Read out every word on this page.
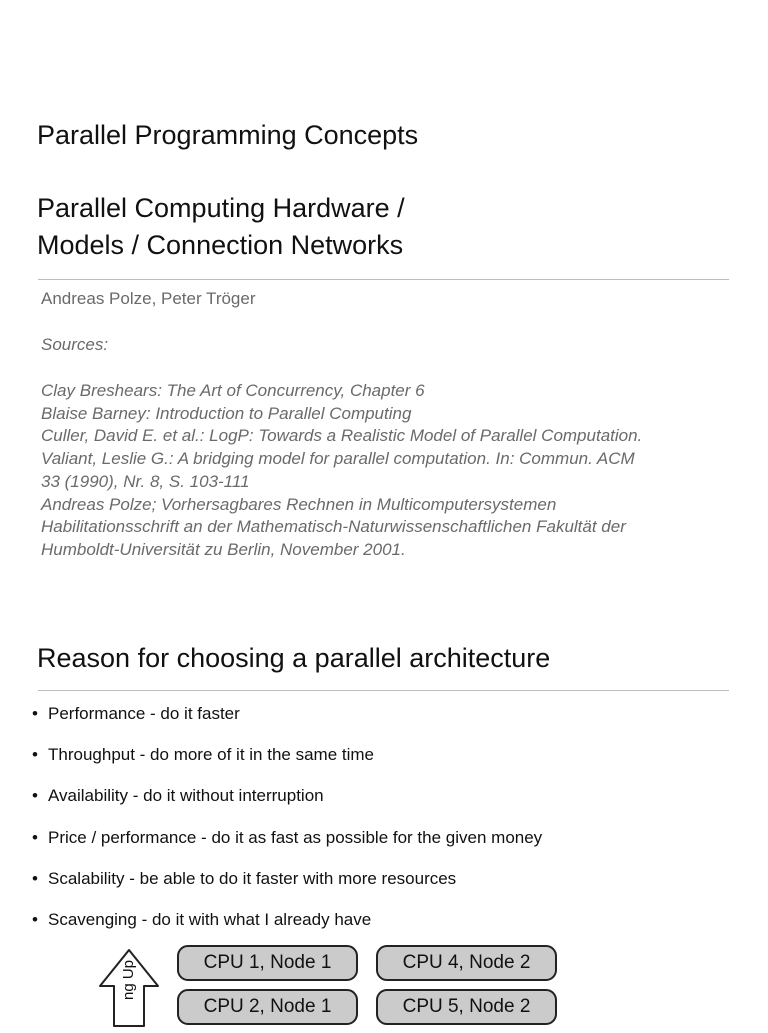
Parallel Programming Concepts
Parallel Computing Hardware /
Models / Connection Networks
Andreas Polze, Peter Tröger
Sources:
Clay Breshears: The Art of Concurrency, Chapter 6
Blaise Barney: Introduction to Parallel Computing
Culler, David E. et al.: LogP: Towards a Realistic Model of Parallel Computation.
Valiant, Leslie G.: A bridging model for parallel computation. In: Commun. ACM
33 (1990), Nr. 8, S. 103-111
Andreas Polze; Vorhersagbares Rechnen in Multicomputersystemen
Habilitationsschrift an der Mathematisch-Naturwissenschaftlichen Fakultät der
Humboldt-Universität zu Berlin, November 2001.
Reason for choosing a parallel architecture
• Performance - do it faster
• Throughput - do more of it in the same time
• Availability - do it without interruption
• Price / performance - do it as fast as possible for the given money
• Scalability - be able to do it faster with more resources
• Scavenging - do it with what I already have
ng Up	CPU 1, Node 1	CPU 4, Node 2
CPU 2, Node 1	CPU 5, Node 2
